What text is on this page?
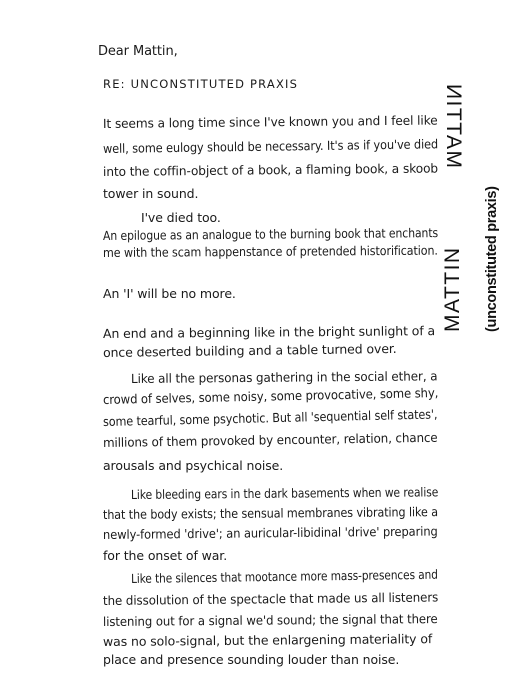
Dear Mattin,
RE: UNCONSTITUTED PRAXIS
It seems a long time since I've known you and I feel like
well, some eulogy should be necessary. It's as if you've died
into the coffin-object of a book, a flaming book, a skoob
tower in sound.
I've died too.
An epilogue as an analogue to the burning book that enchants
me with the scam happenstance of pretended historification.
An 'I' will be no more.
An end and a beginning like in the bright sunlight of a
once deserted building and a table turned over.
Like all the personas gathering in the social ether, a
crowd of selves, some noisy, some provocative, some shy,
some tearful, some psychotic. But all 'sequential self states',
millions of them provoked by encounter, relation, chance
arousals and psychical noise.
Like bleeding ears in the dark basements when we realise
that the body exists; the sensual membranes vibrating like a
newly-formed 'drive'; an auricular-libidinal 'drive' preparing
for the onset of war.
Like the silences that mootance more mass-presences and
the dissolution of the spectacle that made us all listeners
listening out for a signal we'd sound; the signal that there
was no solo-signal, but the enlargening materiality of
place and presence sounding louder than noise.
MATTIN
MATTIN
(unconstituted praxis)
